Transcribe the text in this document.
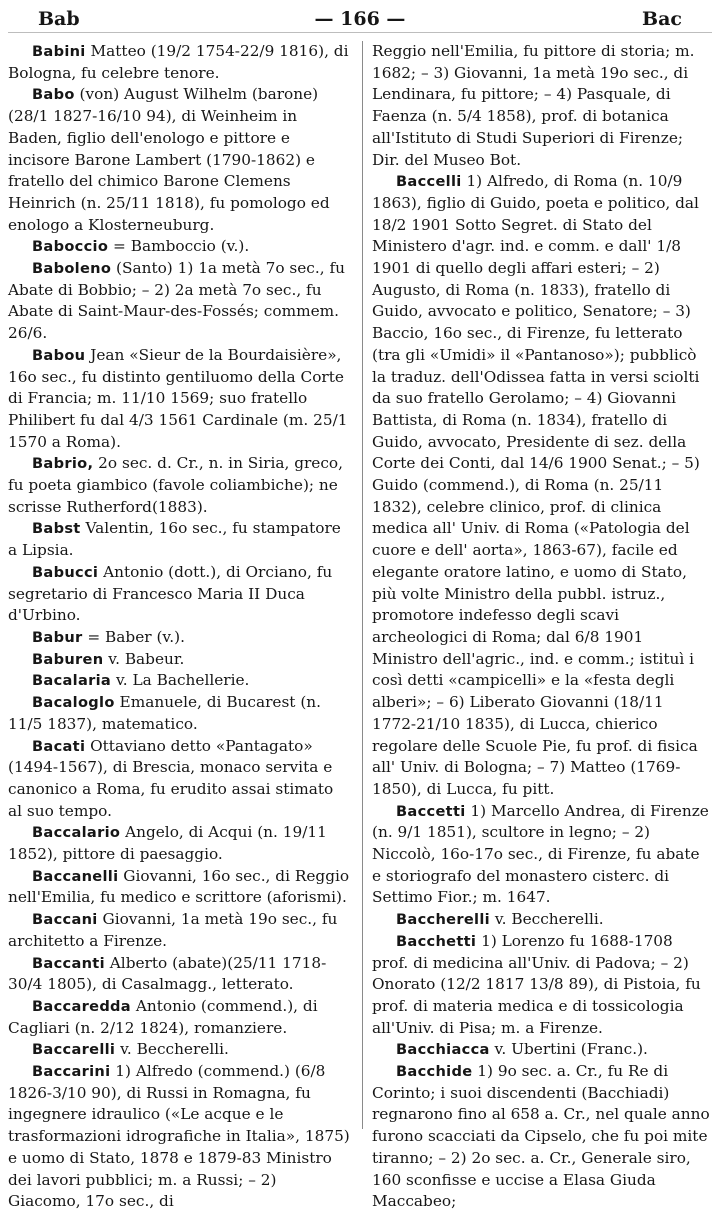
Bab	— 166 —	Bac
Babini Matteo (19/2 1754-22/9 1816), di Bologna, fu celebre tenore.
Babo (von) August Wilhelm (barone) (28/1 1827-16/10 94), di Weinheim in Baden, figlio dell'enologo e pittore e incisore Barone Lambert (1790-1862) e fratello del chimico Barone Clemens Heinrich (n. 25/11 1818), fu pomologo ed enologo a Klosterneuburg.
Baboccio = Bamboccio (v.).
Baboleno (Santo) 1) 1a metà 7o sec., fu Abate di Bobbio; – 2) 2a metà 7o sec., fu Abate di Saint-Maur-des-Fossés; commem. 26/6.
Babou Jean «Sieur de la Bourdaisière», 16o sec., fu distinto gentiluomo della Corte di Francia; m. 11/10 1569; suo fratello Philibert fu dal 4/3 1561 Cardinale (m. 25/1 1570 a Roma).
Babrio, 2o sec. d. Cr., n. in Siria, greco, fu poeta giambico (favole coliambiche); ne scrisse Rutherford(1883).
Babst Valentin, 16o sec., fu stampatore a Lipsia.
Babucci Antonio (dott.), di Orciano, fu segretario di Francesco Maria II Duca d'Urbino.
Babur = Baber (v.).
Baburen v. Babeur.
Bacalaria v. La Bachellerie.
Bacaloglo Emanuele, di Bucarest (n. 11/5 1837), matematico.
Bacati Ottaviano detto «Pantagato» (1494-1567), di Brescia, monaco servita e canonico a Roma, fu erudito assai stimato al suo tempo.
Baccalario Angelo, di Acqui (n. 19/11 1852), pittore di paesaggio.
Baccanelli Giovanni, 16o sec., di Reggio nell'Emilia, fu medico e scrittore (aforismi).
Baccani Giovanni, 1a metà 19o sec., fu architetto a Firenze.
Baccanti Alberto (abate)(25/11 1718-30/4 1805), di Casalmagg., letterato.
Baccaredda Antonio (commend.), di Cagliari (n. 2/12 1824), romanziere.
Baccarelli v. Beccherelli.
Baccarini 1) Alfredo (commend.) (6/8 1826-3/10 90), di Russi in Romagna, fu ingegnere idraulico («Le acque e le trasformazioni idrografiche in Italia», 1875) e uomo di Stato, 1878 e 1879-83 Ministro dei lavori pubblici; m. a Russi; – 2) Giacomo, 17o sec., di
Reggio nell'Emilia, fu pittore di storia; m. 1682; – 3) Giovanni, 1a metà 19o sec., di Lendinara, fu pittore; – 4) Pasquale, di Faenza (n. 5/4 1858), prof. di botanica all'Istituto di Studi Superiori di Firenze; Dir. del Museo Bot.
Baccelli 1) Alfredo, di Roma (n. 10/9 1863), figlio di Guido, poeta e politico, dal 18/2 1901 Sotto Segret. di Stato del Ministero d'agr. ind. e comm. e dall' 1/8 1901 di quello degli affari esteri; – 2) Augusto, di Roma (n. 1833), fratello di Guido, avvocato e politico, Senatore; – 3) Baccio, 16o sec., di Firenze, fu letterato (tra gli «Umidi» il «Pantanoso»); pubblicò la traduz. dell'Odissea fatta in versi sciolti da suo fratello Gerolamo; – 4) Giovanni Battista, di Roma (n. 1834), fratello di Guido, avvocato, Presidente di sez. della Corte dei Conti, dal 14/6 1900 Senat.; – 5) Guido (commend.), di Roma (n. 25/11 1832), celebre clinico, prof. di clinica medica all' Univ. di Roma («Patologia del cuore e dell' aorta», 1863-67), facile ed elegante oratore latino, e uomo di Stato, più volte Ministro della pubbl. istruz., promotore indefesso degli scavi archeologici di Roma; dal 6/8 1901 Ministro dell'agric., ind. e comm.; istituì i così detti «campicelli» e la «festa degli alberi»; – 6) Liberato Giovanni (18/11 1772-21/10 1835), di Lucca, chierico regolare delle Scuole Pie, fu prof. di fisica all' Univ. di Bologna; – 7) Matteo (1769-1850), di Lucca, fu pitt.
Baccetti 1) Marcello Andrea, di Firenze (n. 9/1 1851), scultore in legno; – 2) Niccolò, 16o-17o sec., di Firenze, fu abate e storiografo del monastero cisterc. di Settimo Fior.; m. 1647.
Baccherelli v. Beccherelli.
Bacchetti 1) Lorenzo fu 1688-1708 prof. di medicina all'Univ. di Padova; – 2) Onorato (12/2 1817 13/8 89), di Pistoia, fu prof. di materia medica e di tossicologia all'Univ. di Pisa; m. a Firenze.
Bacchiacca v. Ubertini (Franc.).
Bacchide 1) 9o sec. a. Cr., fu Re di Corinto; i suoi discendenti (Bacchiadi) regnarono fino al 658 a. Cr., nel quale anno furono scacciati da Cipselo, che fu poi mite tiranno; – 2) 2o sec. a. Cr., Generale siro, 160 sconfisse e uccise a Elasa Giuda Maccabeo;
